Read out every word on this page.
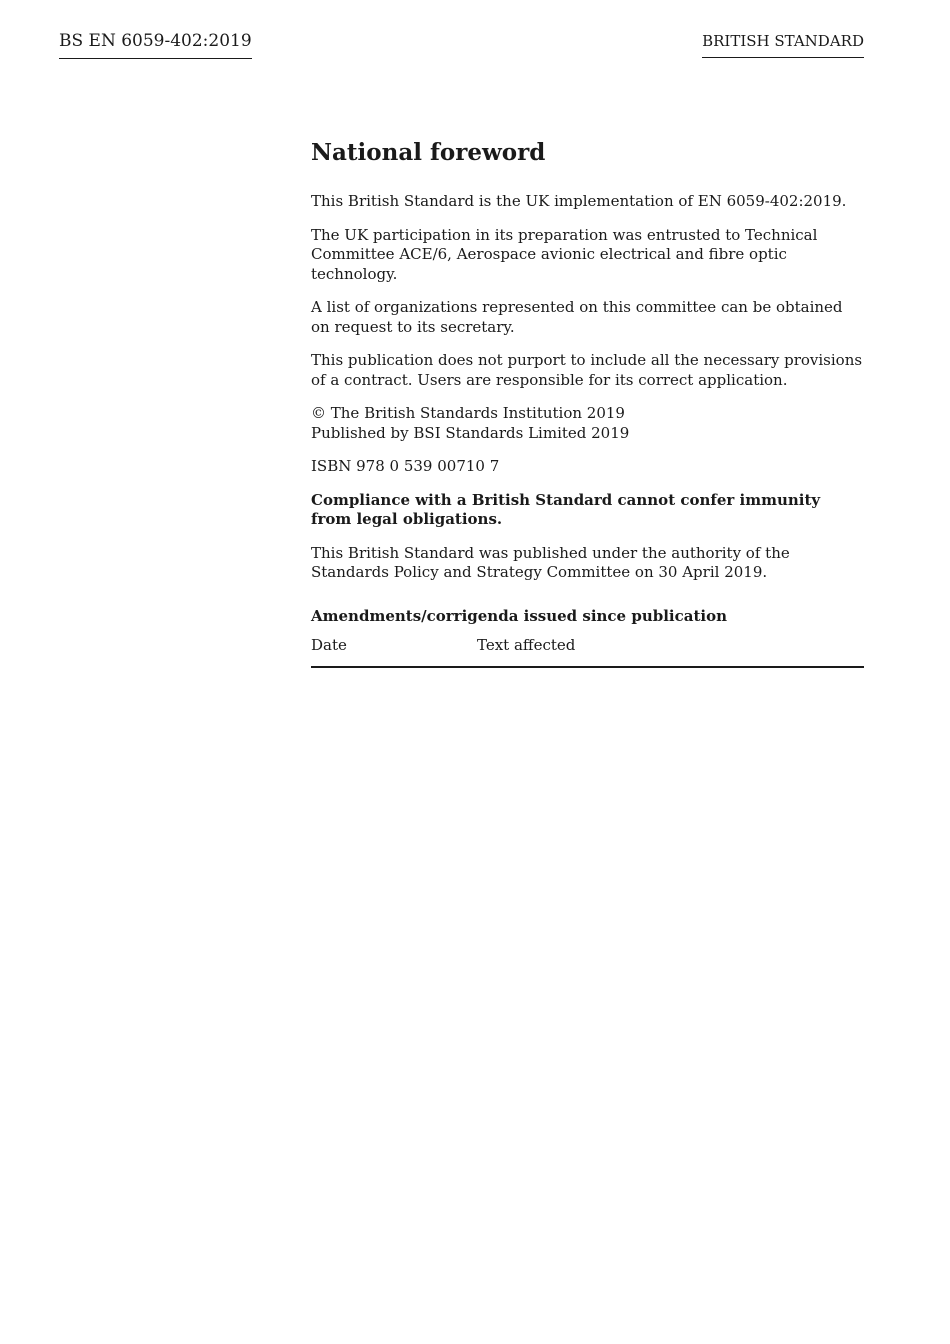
BS EN 6059-402:2019	BRITISH STANDARD
National foreword

This British Standard is the UK implementation of EN 6059-402:2019.

The UK participation in its preparation was entrusted to Technical Committee ACE/6, Aerospace avionic electrical and fibre optic technology.

A list of organizations represented on this committee can be obtained on request to its secretary.

This publication does not purport to include all the necessary provisions of a contract. Users are responsible for its correct application.

© The British Standards Institution 2019
Published by BSI Standards Limited 2019

ISBN 978 0 539 00710 7

Compliance with a British Standard cannot confer immunity from legal obligations.

This British Standard was published under the authority of the Standards Policy and Strategy Committee on 30 April 2019.

Amendments/corrigenda issued since publication
Date	Text affected
